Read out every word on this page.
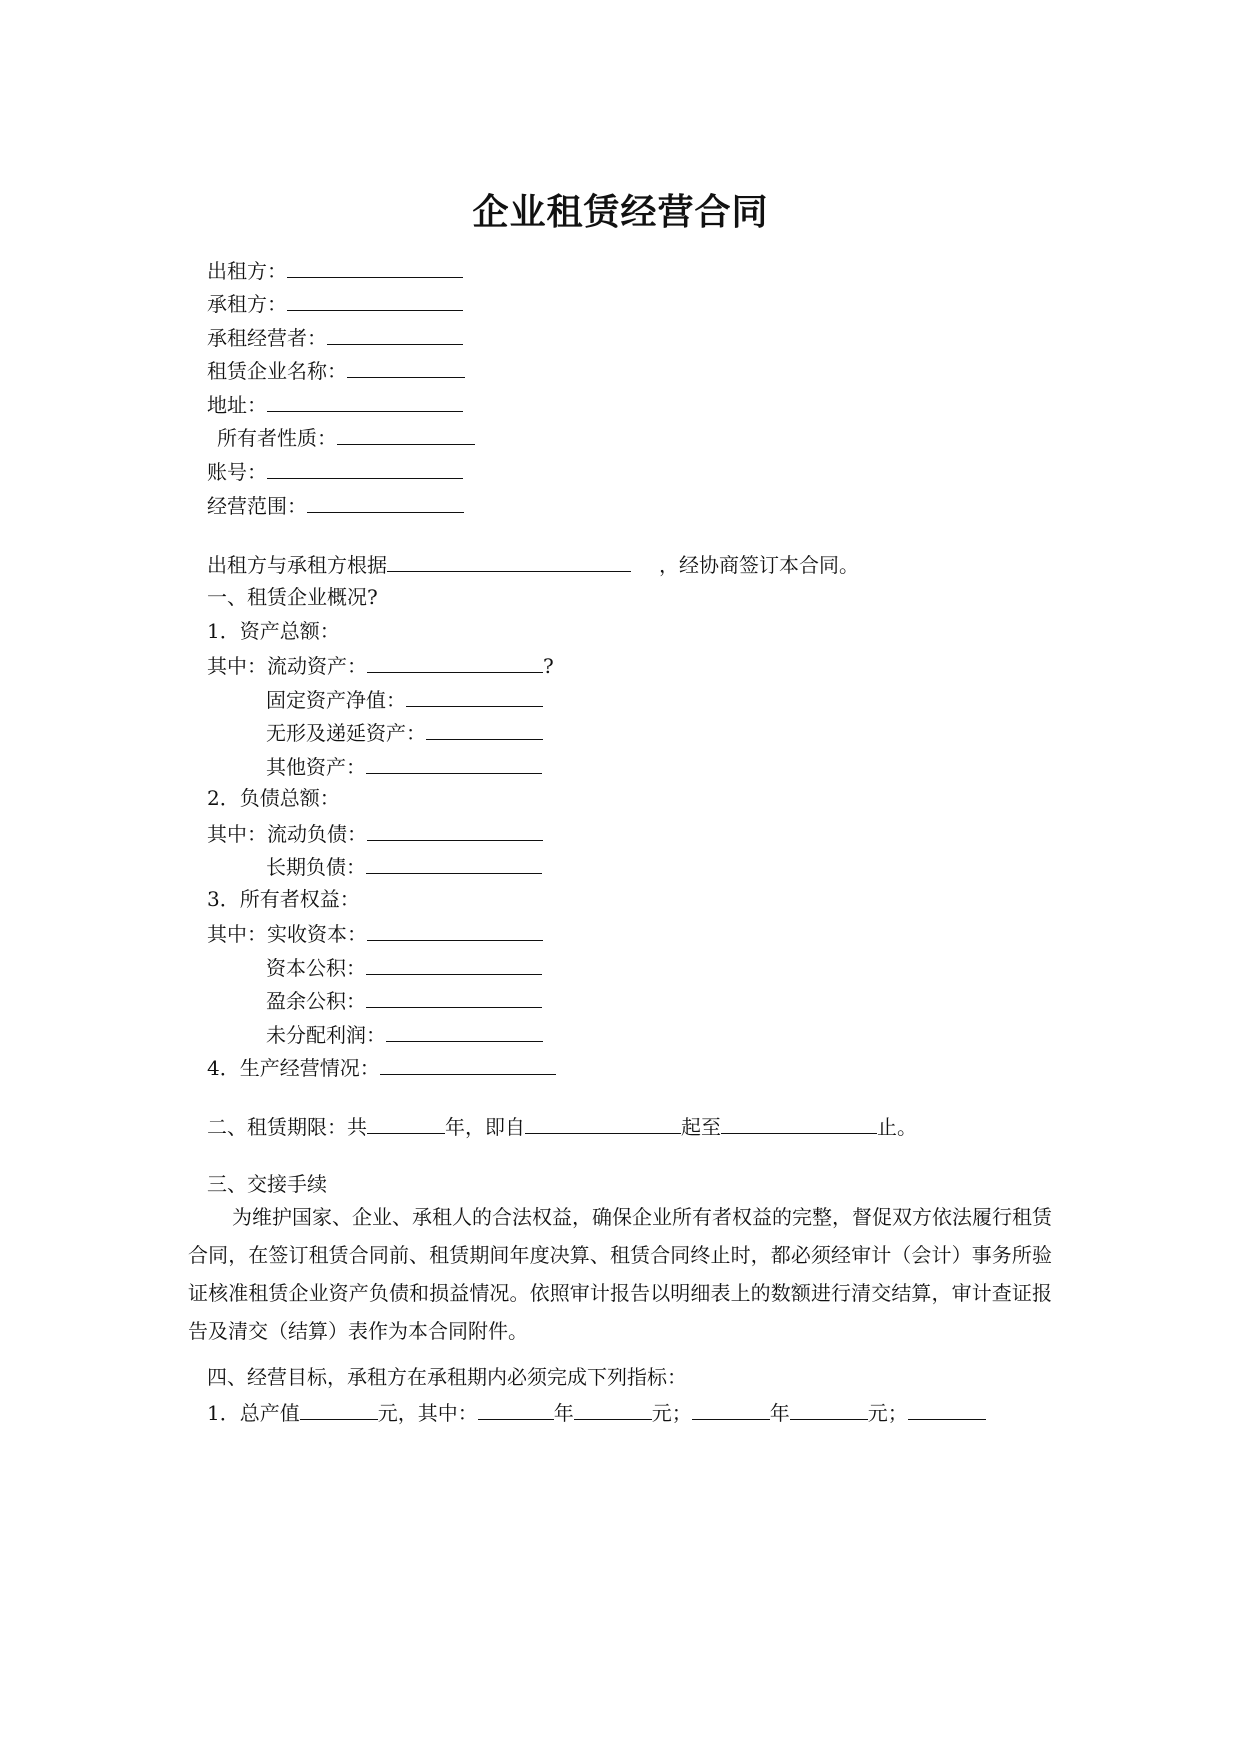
企业租赁经营合同
出租方：
承租方：
承租经营者：
租赁企业名称：
地址：
所有者性质：
账号：
经营范围：
出租方与承租方根据	，经协商签订本合同。
一、租赁企业概况?
1．资产总额：
其中：流动资产：	?
固定资产净值：
无形及递延资产：
其他资产：
2．负债总额：
其中：流动负债：
长期负债：
3．所有者权益：
其中：实收资本：
资本公积：
盈余公积：
未分配利润：
4．生产经营情况：
二、租赁期限：共	年，即自	起至	止。
三、交接手续
为维护国家、企业、承租人的合法权益，确保企业所有者权益的完整，督促双方依法履行租赁合同，在签订租赁合同前、租赁期间年度决算、租赁合同终止时，都必须经审计（会计）事务所验证核准租赁企业资产负债和损益情况。依照审计报告以明细表上的数额进行清交结算，审计查证报告及清交（结算）表作为本合同附件。
四、经营目标，承租方在承租期内必须完成下列指标：
1．总产值	元，其中：	年	元；	年	元；
